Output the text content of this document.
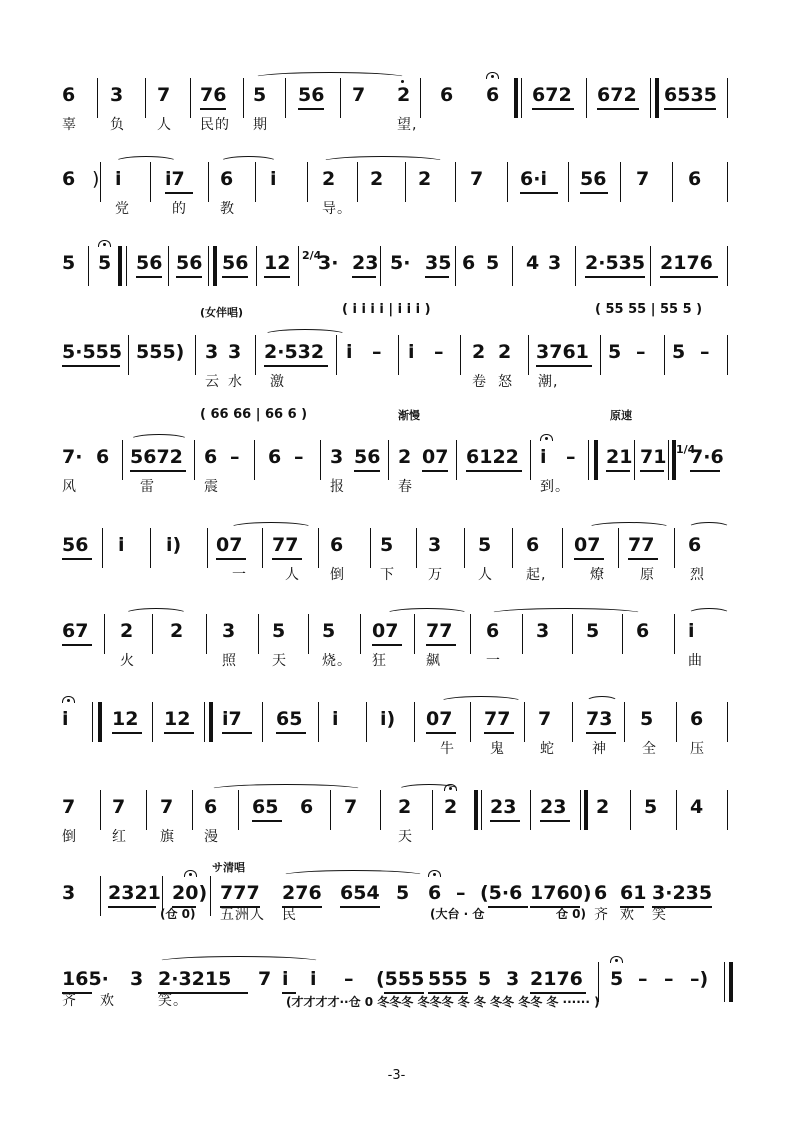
6 3 7 76 5 56 7 2 6 6 672 672 6535
辜 负 人 民的 期	望,
6 ) i i7 6 i 2 2 2 7 6·i 56 7 6
党	的 教	导。
5 5 56 56 56 12 2/4
3· 23 5· 35 6 5 4 3 2·535 2176
(女伴唱)	( i i i i | i i i )	( 55 55 | 55 5 )
5·555 555) 3 3 2·532 i – i – 2 2 3761 5 – 5 –
云 水 激	卷 怒 潮,
( 66 66 | 66 6 )	渐慢	原速
7· 6 5672 6 – 6 – 3 56 2 07 6122 i – 21 71 1/4
7·6
风	雷	震	报	春	到。
56 i i) 07 77 6 5 3 5 6 07 77 6
一	人 倒	下 万	人 起,	燎	原	烈
67 2 2 3 5 5 07 77 6 3 5 6 i
火	照	天	烧。 狂	飙	一	曲
i 12 12 i7 65 i i) 07 77 7 73 5 6
牛	鬼	蛇	神	全 压
7 7 7 6 65 6 7 2 2 23 23 2 5 4
倒	红 旗 漫	天
サ清唱
3 2321 20) 777 276 654 5 6 – (5·6 1760) 6 61 3·235
(仓 0)	(大台 · 仓	仓 0)
五洲人 民	齐 欢 笑
165· 3 2·3215 7 i i – (555 555 5 3 2176 5 – – –)
齐 欢	笑。	(才才才才··仓 0 冬冬冬 冬冬冬 冬 冬 冬冬 冬冬 冬 ······ )
-3-
